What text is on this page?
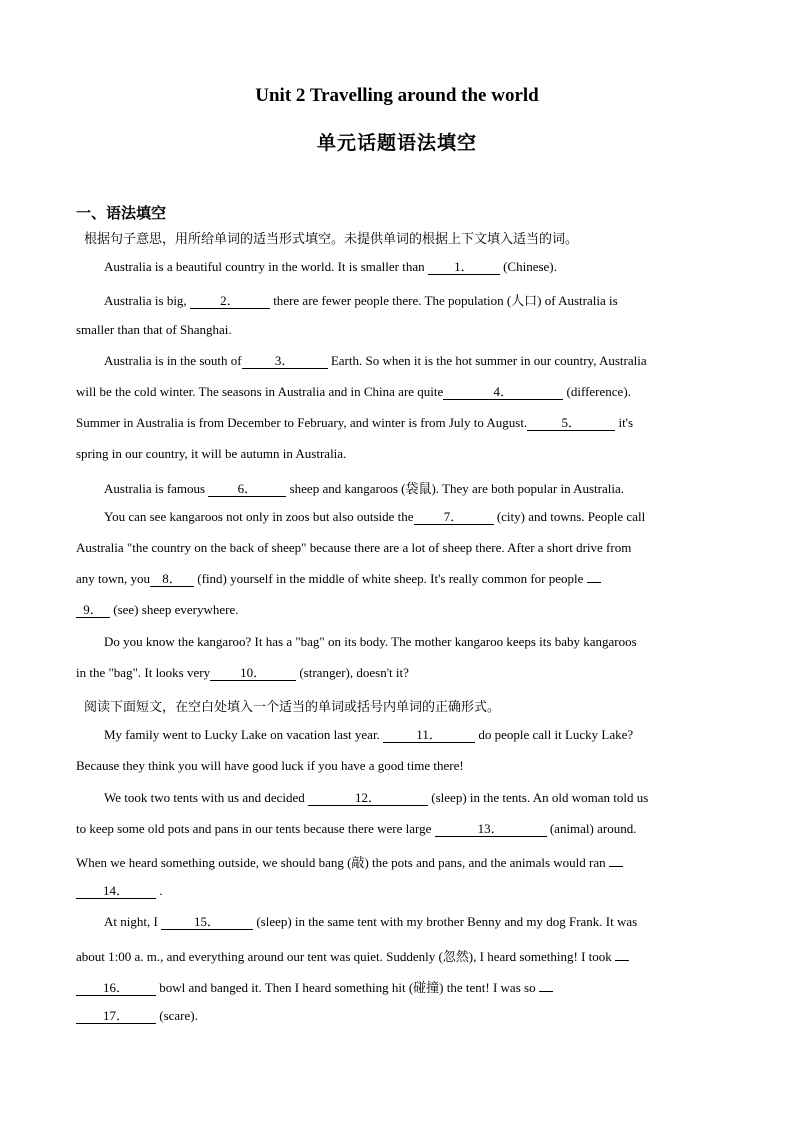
Unit 2 Travelling around the world
单元话题语法填空
一、语法填空
根据句子意思，用所给单词的适当形式填空。未提供单词的根据上下文填入适当的词。
Australia is a beautiful country in the world. It is smaller than 1． (Chinese).
Australia is big, 2． there are fewer people there. The population (人口) of Australia is
smaller than that of Shanghai.
Australia is in the south of	3．	Earth. So when it is the hot summer in our country, Australia
will be the cold winter. The seasons in Australia and in China are quite	4．	(difference).
Summer in Australia is from December to February, and winter is from July to August.	5．	it's
spring in our country, it will be autumn in Australia.
Australia is famous 6． sheep and kangaroos (袋鼠). They are both popular in Australia.
You can see kangaroos not only in zoos but also outside the 7． (city) and towns. People call
Australia "the country on the back of sheep" because there are a lot of sheep there. After a short drive from
any town, you 8． (find) yourself in the middle of white sheep. It's really common for people
9． (see) sheep everywhere.
Do you know the kangaroo? It has a "bag" on its body. The mother kangaroo keeps its baby kangaroos
in the "bag". It looks very 10． (stranger), doesn't it?
阅读下面短文，在空白处填入一个适当的单词或括号内单词的正确形式。
My family went to Lucky Lake on vacation last year.	11．	do people call it Lucky Lake?
Because they think you will have good luck if you have a good time there!
We took two tents with us and decided	12．	(sleep) in the tents. An old woman told us
to keep some old pots and pans in our tents because there were large	13．	(animal) around.
When we heard something outside, we should bang (敲) the pots and pans, and the animals would ran
14． .
At night, I	15．	(sleep) in the same tent with my brother Benny and my dog Frank. It was
about 1:00 a. m., and everything around our tent was quiet. Suddenly (忽然), I heard something! I took
16． bowl and banged it. Then I heard something hit (碰撞) the tent! I was so
17． (scare).
